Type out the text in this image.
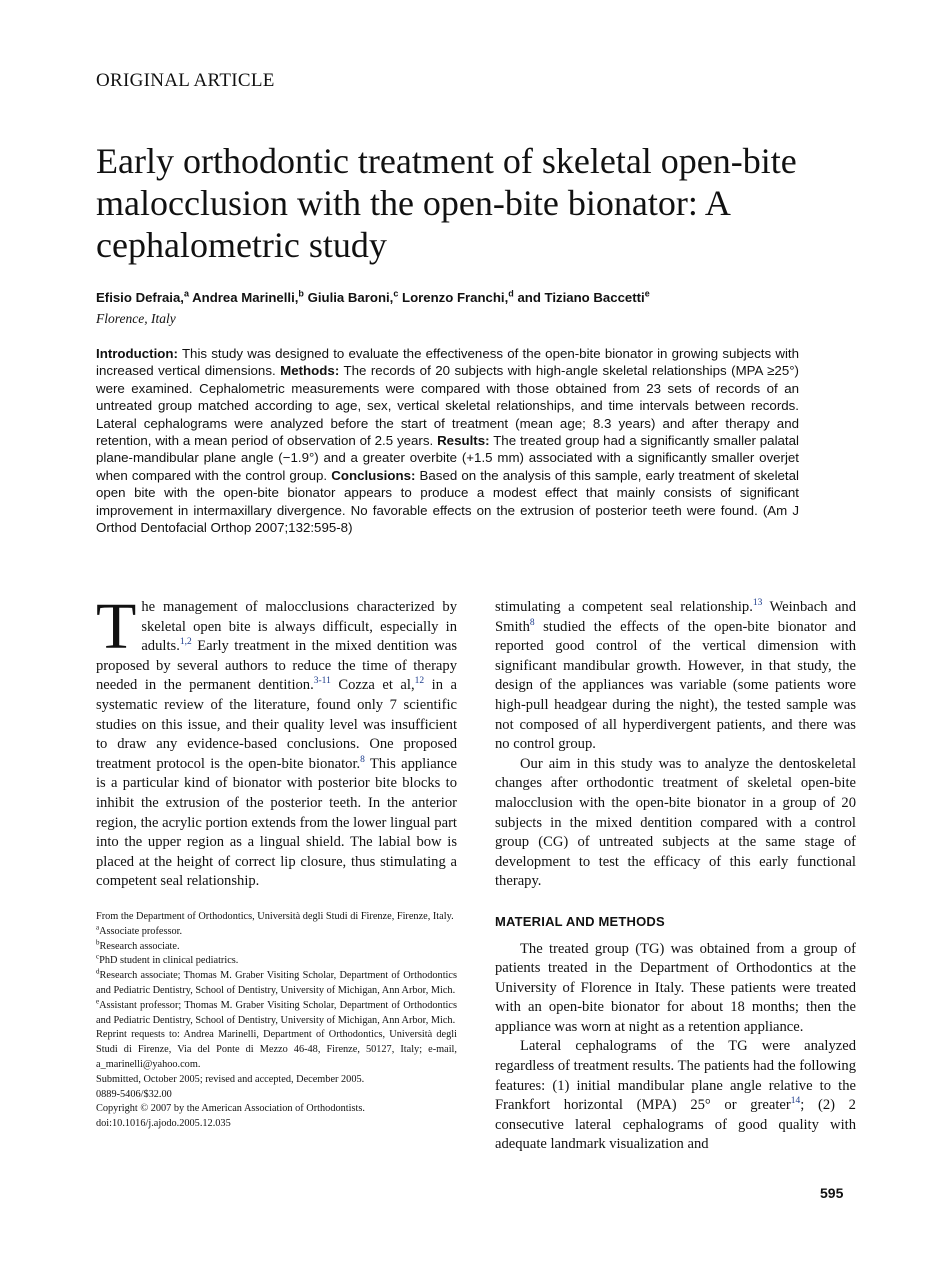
ORIGINAL ARTICLE
Early orthodontic treatment of skeletal open-bite malocclusion with the open-bite bionator: A cephalometric study
Efisio Defraia,$^a$ Andrea Marinelli,$^b$ Giulia Baroni,$^c$ Lorenzo Franchi,$^d$ and Tiziano Baccetti$^e$
Florence, Italy
Introduction: This study was designed to evaluate the effectiveness of the open-bite bionator in growing subjects with increased vertical dimensions. Methods: The records of 20 subjects with high-angle skeletal relationships (MPA ≥25°) were examined. Cephalometric measurements were compared with those obtained from 23 sets of records of an untreated group matched according to age, sex, vertical skeletal relationships, and time intervals between records. Lateral cephalograms were analyzed before the start of treatment (mean age; 8.3 years) and after therapy and retention, with a mean period of observation of 2.5 years. Results: The treated group had a significantly smaller palatal plane-mandibular plane angle (−1.9°) and a greater overbite (+1.5 mm) associated with a significantly smaller overjet when compared with the control group. Conclusions: Based on the analysis of this sample, early treatment of skeletal open bite with the open-bite bionator appears to produce a modest effect that mainly consists of significant improvement in intermaxillary divergence. No favorable effects on the extrusion of posterior teeth were found. (Am J Orthod Dentofacial Orthop 2007;132:595-8)

The management of malocclusions characterized by skeletal open bite is always difficult, especially in adults.$^{1,2}$ Early treatment in the mixed dentition was proposed by several authors to reduce the time of therapy needed in the permanent dentition.$^{3-11}$ Cozza et al,$^{12}$ in a systematic review of the literature, found only 7 scientific studies on this issue, and their quality level was insufficient to draw any evidence-based conclusions. One proposed treatment protocol is the open-bite bionator.$^8$ This appliance is a particular kind of bionator with posterior bite blocks to inhibit the extrusion of the posterior teeth. In the anterior region, the acrylic portion extends from the lower lingual part into the upper region as a lingual shield. The labial bow is placed at the height of correct lip closure, thus stimulating a competent seal relationship.

stimulating a competent seal relationship.$^{13}$ Weinbach and Smith$^8$ studied the effects of the open-bite bionator and reported good control of the vertical dimension with significant mandibular growth. However, in that study, the design of the appliances was variable (some patients wore high-pull headgear during the night), the tested sample was not composed of all hyperdivergent patients, and there was no control group.

Our aim in this study was to analyze the dentoskeletal changes after orthodontic treatment of skeletal open-bite malocclusion with the open-bite bionator in a group of 20 subjects in the mixed dentition compared with a control group (CG) of untreated subjects at the same stage of development to test the efficacy of this early functional therapy.

MATERIAL AND METHODS

The treated group (TG) was obtained from a group of patients treated in the Department of Orthodontics at the University of Florence in Italy. These patients were treated with an open-bite bionator for about 18 months; then the appliance was worn at night as a retention appliance.

Lateral cephalograms of the TG were analyzed regardless of treatment results. The patients had the following features: (1) initial mandibular plane angle relative to the Frankfort horizontal (MPA) 25° or greater$^{14}$; (2) 2 consecutive lateral cephalograms of good quality with adequate landmark visualization and

From the Department of Orthodontics, Università degli Studi di Firenze, Firenze, Italy.
$^a$Associate professor.
$^b$Research associate.
$^c$PhD student in clinical pediatrics.
$^d$Research associate; Thomas M. Graber Visiting Scholar, Department of Orthodontics and Pediatric Dentistry, School of Dentistry, University of Michigan, Ann Arbor, Mich.
$^e$Assistant professor; Thomas M. Graber Visiting Scholar, Department of Orthodontics and Pediatric Dentistry, School of Dentistry, University of Michigan, Ann Arbor, Mich.
Reprint requests to: Andrea Marinelli, Department of Orthodontics, Università degli Studi di Firenze, Via del Ponte di Mezzo 46-48, Firenze, 50127, Italy; e-mail, a_marinelli@yahoo.com.
Submitted, October 2005; revised and accepted, December 2005.
0889-5406/$32.00
Copyright © 2007 by the American Association of Orthodontists.
doi:10.1016/j.ajodo.2005.12.035
595
